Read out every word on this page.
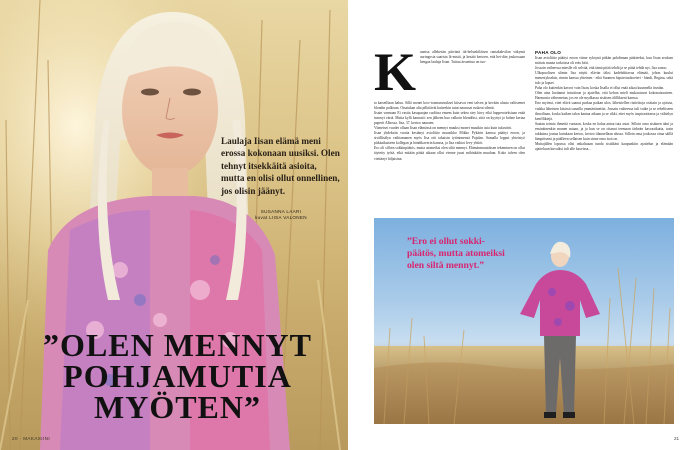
Laulaja Iisan elämä meni erossa kokonaan uusiksi. Olen tehnyt itsekkäitä asioita, mutta en olisi ollut onnellinen, jos olisin jäänyt.
SUSANNA LAARI
kuvat LIISA VALONEN
”OLEN MENNYT
POHJAMUTIA
MYÖTEN”
20 · MAKASIINI
K aunisa allekesän päivänä itä-helsinkiläisen rantakahvilan väkymä auringosta saarista lä-mistä, ja kesätä kertoen, että hei-dän joukossaan hengaa laulaja Iisan. Tuttua ärsuettua on tuo-

ta katseillaan haluu. Sillä monet kow-tosmunavukset kiisavat vent talven ja kevään alusta valitsemet blondin palkisan. Otsatukan alta pilkitävät kuiteekin tutut naurusat ruskeat silmät.

Iisain varmaan Ei vastia kasupaajan ruoliina ensem kuin sekea siey kirry eikä happeroteksiaan enää innosyt värtä. Mutta kylli kannatti: sen jälkeen huo valkoin blondiksi, siitä on kyyttyt jo kohne kertaa paperit Albossa. Iisa, 37, kertoo nauraen.

Viimeiset vuodet ollaan Iisan elämässä on mennyt muuksi monet muutkin asia kuin tukavärit.

Iisan yhdeksän vuotta kestänyt avioliitto muusikko Mikko Pykärin kanssa päättyi eroon, ja sivällisälyn vaihtamanen myös Iisa otti takaisin tytönimensä Pajulan. Samalla loppui yhteistyö pitkäaikaiseen kollegan ja bändikaverin kanssa, ja Iisa vaihtoi levy-yhtiöt.

Ero oli silloin sokkinpäätös, mutta atomeiksi olen siltä mennyt. Elämänmuutoksen tekeminen on ollut täytetty työtä, eikä mitään päätä aikaan ollut vienne juusi mihinkään muuhun. Koko talven olen viettänyt hiljaisina.

PAHA OLO

Iisan avioliitto päättyi eroon viime syksynä pitkän pohdinnan päätteeksi, kun Iisan seuloan mittais muuta tarkoissa oli eräs hitti.

Jossain vaiheessa mieslle oli selvää, että tämä pitää tehdä ja se pitää tehdä nyt, Iisa sanoo.

Ulkopuolisen silmin Iisa näytti elävän täksi kadehdittavaa elämää, johon kuului menestyksekäs, rinnin kanssa yhteinen - eikä Suomen hipsteriuokoeteri - bändi, Regina, sekä talo ja lapset.

Paha olo kuitenkin kasvoi vain Iisan, koska Iisalla ei ollut enää aikaa kuunnella itseään.

Olen aina luottanut intuitioon ja ajatellut, että kehon mieli mukautuvat kokonaisuuteen. Harmonia väheonetan, jos en ole mydkassa sisäisen älillikseni kanssa.

Eno myönsi, ettei elävä saanut purkaa paikan ulos, läheistellen ristiriitoja osittain ja ajoissa, vaikka läheisten käsissä sanailla ymmärtänetiin. Jossain vaiheessa tuli vaike ja se rebeliiseen ilmoiltaan, koska kaiken talon kantaa aikaan ja se rikki, ettei myös inspiraationsa ja välttelyn kenffliktejä.

Saatan toimia ihmettä vuotaan, koska en halua antaa tuta asiat. Silloin oma sisäinen ääni ja ensinäinenkin munen asiaan, ja ja kun se on ottanut teemaan tärkeän kasvaaikutta, tosin rakkuina joutua kuinkaan kertoo, kertoo tilannellaan alussa. Silloin oma joukossa ottaa säillä lämpöisenä ja päälleen sellaisen kuin sinne oma isoä on.

Muttajällen lopussa olisi onkaltuaan tunda sisäiltäni kaupunkiin ajattelun ja elämään ajatteluun kuvaiksi tuli alle kasvissa...

”Ero ei ollut sokki-päätös, mutta atomeiksi olen siltä mennyt.”
21
